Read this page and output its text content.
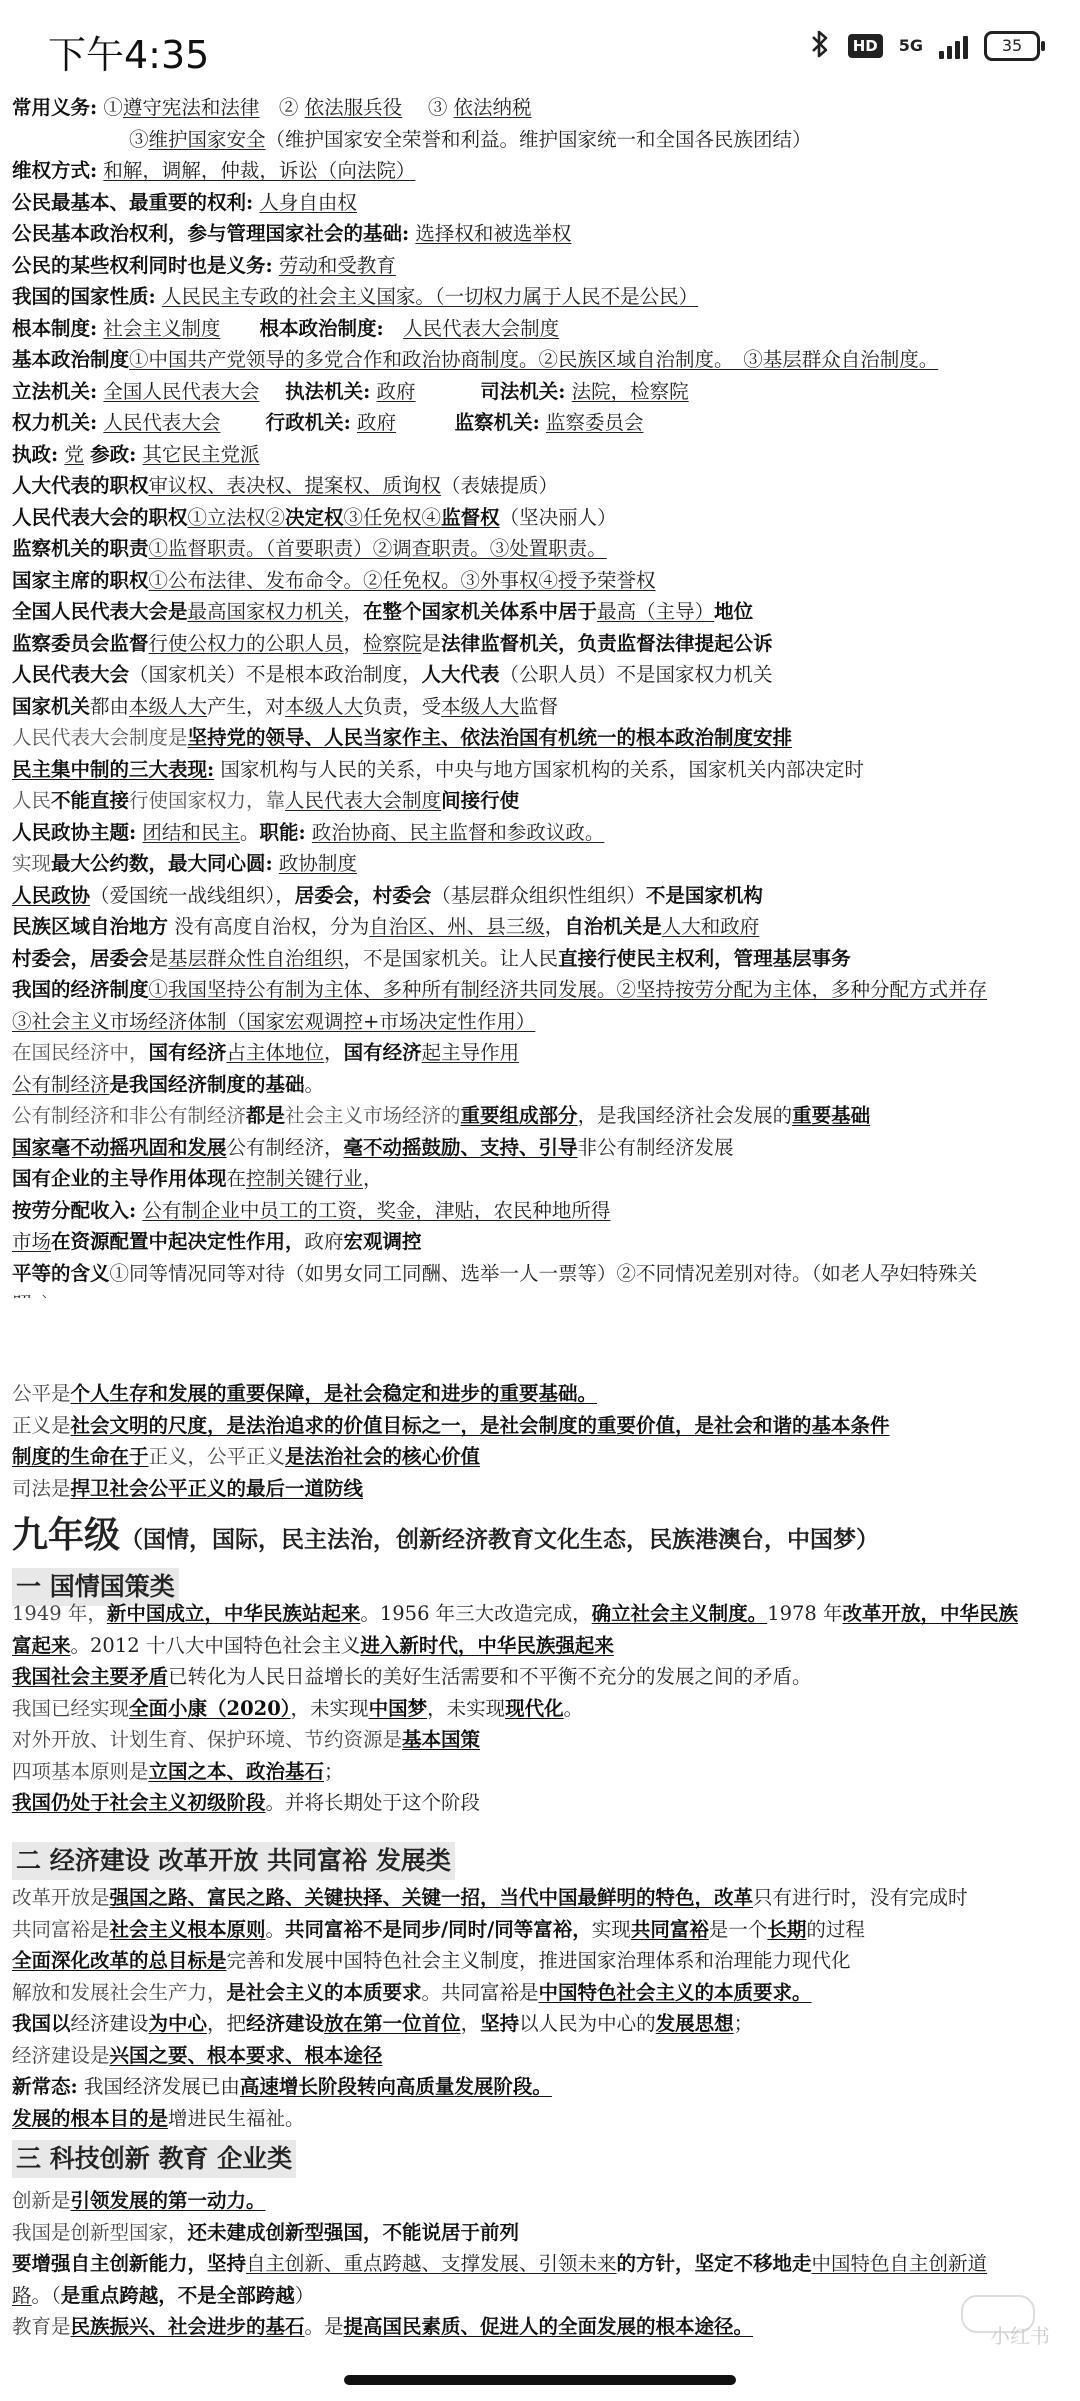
下午4:35	HD	5G	35

常用义务: ①遵守宪法和法律　② 依法服兵役　 ③ 依法纳税

　　　　　　③维护国家安全（维护国家安全荣誉和利益。维护国家统一和全国各民族团结）

维权方式: 和解，调解，仲裁，诉讼（向法院）

公民最基本、最重要的权利: 人身自由权

公民基本政治权利，参与管理国家社会的基础: 选择权和被选举权

公民的某些权利同时也是义务: 劳动和受教育

我国的国家性质: 人民民主专政的社会主义国家。（一切权力属于人民不是公民）

根本制度: 社会主义制度　　 根本政治制度:　 人民代表大会制度

基本政治制度①中国共产党领导的多党合作和政治协商制度。②民族区域自治制度。　③基层群众自治制度。

立法机关: 全国人民代表大会　 执法机关: 政府　　　	司法机关: 法院，检察院

权力机关: 人民代表大会　　 行政机关: 政府　　　	监察机关: 监察委员会

执政: 党 参政: 其它民主党派

人大代表的职权审议权、表决权、提案权、质询权（表婊提质）

人民代表大会的职权①立法权②决定权③任免权④监督权（坚决丽人）

监察机关的职责①监督职责。（首要职责）②调查职责。③处置职责。

国家主席的职权①公布法律、发布命令。②任免权。③外事权④授予荣誉权

全国人民代表大会是最高国家权力机关，在整个国家机关体系中居于最高（主导）地位

监察委员会监督行使公权力的公职人员，检察院是法律监督机关，负责监督法律提起公诉

人民代表大会（国家机关）不是根本政治制度，人大代表（公职人员）不是国家权力机关

国家机关都由本级人大产生，对本级人大负责，受本级人大监督

人民代表大会制度是坚持党的领导、人民当家作主、依法治国有机统一的根本政治制度安排

民主集中制的三大表现: 国家机构与人民的关系，中央与地方国家机构的关系，国家机关内部决定时

人民不能直接行使国家权力，靠人民代表大会制度间接行使

人民政协主题: 团结和民主。职能: 政治协商、民主监督和参政议政。

实现最大公约数，最大同心圆: 政协制度

人民政协（爱国统一战线组织），居委会，村委会（基层群众组织性组织）不是国家机构

民族区域自治地方 没有高度自治权，分为自治区、州、县三级，自治机关是人大和政府

村委会，居委会是基层群众性自治组织，不是国家机关。让人民直接行使民主权利，管理基层事务

我国的经济制度①我国坚持公有制为主体、多种所有制经济共同发展。②坚持按劳分配为主体，多种分配方式并存

③社会主义市场经济体制（国家宏观调控+市场决定性作用）

在国民经济中，国有经济占主体地位，国有经济起主导作用

公有制经济是我国经济制度的基础。

公有制经济和非公有制经济都是社会主义市场经济的重要组成部分，是我国经济社会发展的重要基础

国家毫不动摇巩固和发展公有制经济，毫不动摇鼓励、支持、引导非公有制经济发展

国有企业的主导作用体现在控制关键行业，

按劳分配收入: 公有制企业中员工的工资，奖金，津贴，农民种地所得

市场在资源配置中起决定性作用，政府宏观调控

平等的含义①同等情况同等对待（如男女同工同酬、选举一人一票等）②不同情况差别对待。（如老人孕妇特殊关

公平是个人生存和发展的重要保障，是社会稳定和进步的重要基础。

正义是社会文明的尺度，是法治追求的价值目标之一，是社会制度的重要价值，是社会和谐的基本条件

制度的生命在于正义，公平正义是法治社会的核心价值

司法是捍卫社会公平正义的最后一道防线

九年级（国情，国际，民主法治，创新经济教育文化生态，民族港澳台，中国梦）

一 国情国策类

1949 年，新中国成立，中华民族站起来。1956 年三大改造完成，确立社会主义制度。1978 年改革开放，中华民族

富起来。2012 十八大中国特色社会主义进入新时代，中华民族强起来

我国社会主要矛盾已转化为人民日益增长的美好生活需要和不平衡不充分的发展之间的矛盾。

我国已经实现全面小康（2020），未实现中国梦，未实现现代化。

对外开放、计划生育、保护环境、节约资源是基本国策

四项基本原则是立国之本、政治基石；

我国仍处于社会主义初级阶段。并将长期处于这个阶段

二 经济建设 改革开放 共同富裕 发展类

改革开放是强国之路、富民之路、关键抉择、关键一招，当代中国最鲜明的特色，改革只有进行时，没有完成时

共同富裕是社会主义根本原则。共同富裕不是同步/同时/同等富裕，实现共同富裕是一个长期的过程

全面深化改革的总目标是完善和发展中国特色社会主义制度，推进国家治理体系和治理能力现代化

解放和发展社会生产力，是社会主义的本质要求。共同富裕是中国特色社会主义的本质要求。

我国以经济建设为中心，把经济建设放在第一位首位，坚持以人民为中心的发展思想；

经济建设是兴国之要、根本要求、根本途径

新常态: 我国经济发展已由高速增长阶段转向高质量发展阶段。

发展的根本目的是增进民生福祉。

三 科技创新 教育 企业类

创新是引领发展的第一动力。

我国是创新型国家，还未建成创新型强国，不能说居于前列

要增强自主创新能力，坚持自主创新、重点跨越、支撑发展、引领未来的方针，坚定不移地走中国特色自主创新道

路。（是重点跨越，不是全部跨越）

教育是民族振兴、社会进步的基石。是提高国民素质、促进人的全面发展的根本途径。	小红书
